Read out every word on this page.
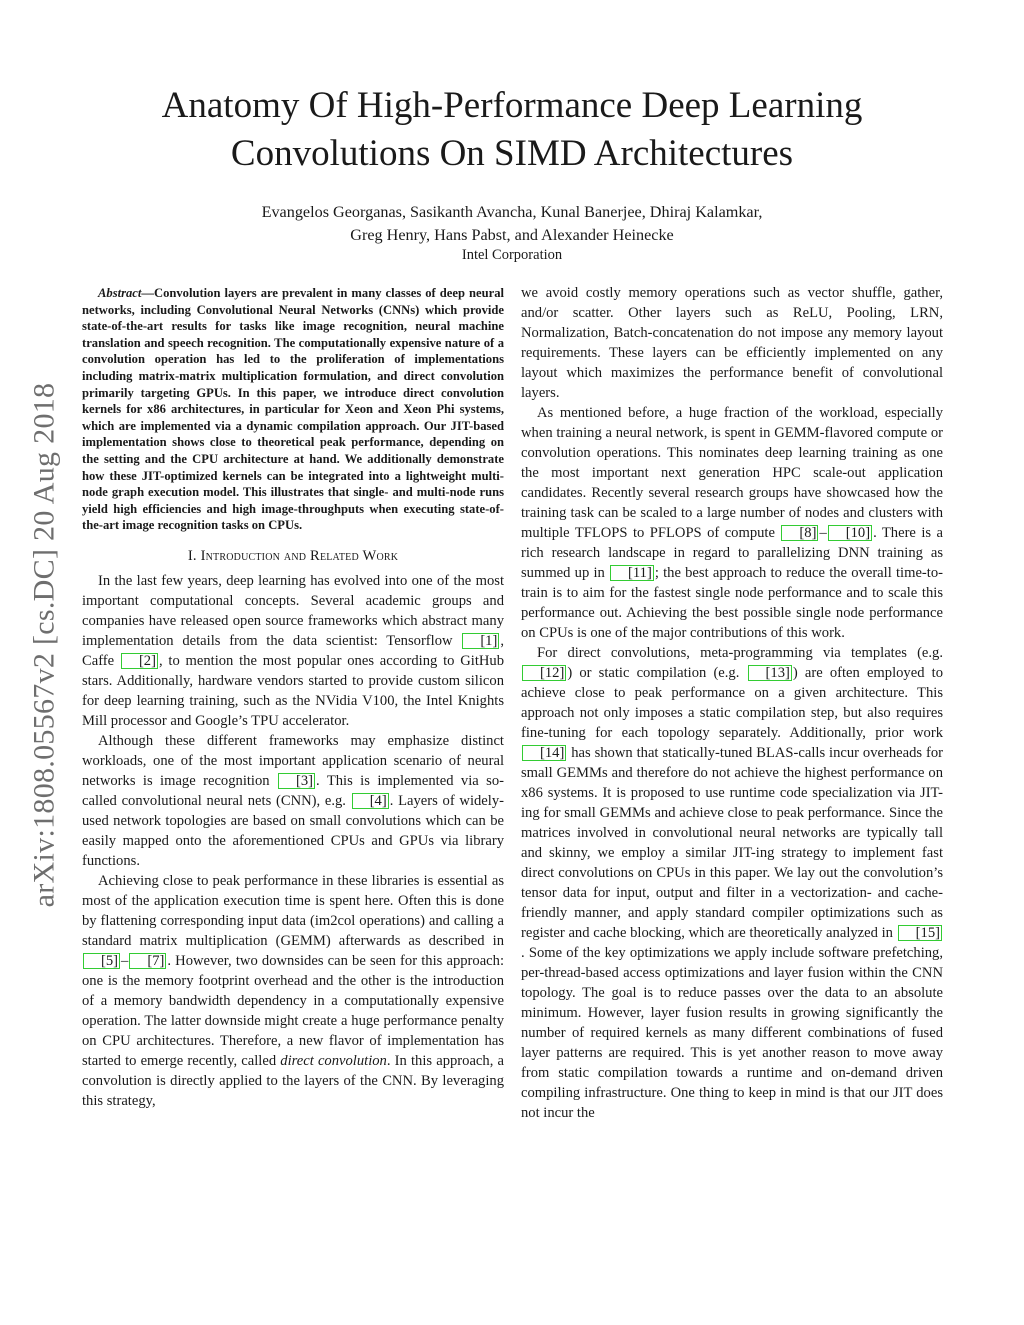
arXiv:1808.05567v2 [cs.DC] 20 Aug 2018
Anatomy Of High-Performance Deep Learning
Convolutions On SIMD Architectures
Evangelos Georganas, Sasikanth Avancha, Kunal Banerjee, Dhiraj Kalamkar,
Greg Henry, Hans Pabst, and Alexander Heinecke
Intel Corporation

Abstract—Convolution layers are prevalent in many classes of deep neural networks, including Convolutional Neural Networks (CNNs) which provide state-of-the-art results for tasks like image recognition, neural machine translation and speech recognition. The computationally expensive nature of a convolution operation has led to the proliferation of implementations including matrix-matrix multiplication formulation, and direct convolution primarily targeting GPUs. In this paper, we introduce direct convolution kernels for x86 architectures, in particular for Xeon and Xeon Phi systems, which are implemented via a dynamic compilation approach. Our JIT-based implementation shows close to theoretical peak performance, depending on the setting and the CPU architecture at hand. We additionally demonstrate how these JIT-optimized kernels can be integrated into a lightweight multi-node graph execution model. This illustrates that single- and multi-node runs yield high efficiencies and high image-throughputs when executing state-of-the-art image recognition tasks on CPUs.

I. Introduction and Related Work

In the last few years, deep learning has evolved into one of the most important computational concepts. Several academic groups and companies have released open source frameworks which abstract many implementation details from the data scientist: Tensorflow [1] , Caffe [2] , to mention the most popular ones according to GitHub stars. Additionally, hardware vendors started to provide custom silicon for deep learning training, such as the NVidia V100, the Intel Knights Mill processor and Google’s TPU accelerator.

Although these different frameworks may emphasize distinct workloads, one of the most important application scenario of neural networks is image recognition [3] . This is implemented via so-called convolutional neural nets (CNN), e.g. [4] . Layers of widely-used network topologies are based on small convolutions which can be easily mapped onto the aforementioned CPUs and GPUs via library functions.

Achieving close to peak performance in these libraries is essential as most of the application execution time is spent here. Often this is done by flattening corresponding input data (im2col operations) and calling a standard matrix multiplication (GEMM) afterwards as described in [5] – [7] . However, two downsides can be seen for this approach: one is the memory footprint overhead and the other is the introduction of a memory bandwidth dependency in a computationally expensive operation. The latter downside might create a huge performance penalty on CPU architectures. Therefore, a new flavor of implementation has started to emerge recently, called direct convolution. In this approach, a convolution is directly applied to the layers of the CNN. By leveraging this strategy,

we avoid costly memory operations such as vector shuffle, gather, and/or scatter. Other layers such as ReLU, Pooling, LRN, Normalization, Batch-concatenation do not impose any memory layout requirements. These layers can be efficiently implemented on any layout which maximizes the performance benefit of convolutional layers.

As mentioned before, a huge fraction of the workload, especially when training a neural network, is spent in GEMM-flavored compute or convolution operations. This nominates deep learning training as one the most important next generation HPC scale-out application candidates. Recently several research groups have showcased how the training task can be scaled to a large number of nodes and clusters with multiple TFLOPS to PFLOPS of compute [8] – [10] . There is a rich research landscape in regard to parallelizing DNN training as summed up in [11] ; the best approach to reduce the overall time-to-train is to aim for the fastest single node performance and to scale this performance out. Achieving the best possible single node performance on CPUs is one of the major contributions of this work.

For direct convolutions, meta-programming via templates (e.g. [12] ) or static compilation (e.g. [13] ) are often employed to achieve close to peak performance on a given architecture. This approach not only imposes a static compilation step, but also requires fine-tuning for each topology separately. Additionally, prior work [14] has shown that statically-tuned BLAS-calls incur overheads for small GEMMs and therefore do not achieve the highest performance on x86 systems. It is proposed to use runtime code specialization via JIT-ing for small GEMMs and achieve close to peak performance. Since the matrices involved in convolutional neural networks are typically tall and skinny, we employ a similar JIT-ing strategy to implement fast direct convolutions on CPUs in this paper. We lay out the convolution’s tensor data for input, output and filter in a vectorization- and cache-friendly manner, and apply standard compiler optimizations such as register and cache blocking, which are theoretically analyzed in [15]. Some of the key optimizations we apply include software prefetching, per-thread-based access optimizations and layer fusion within the CNN topology. The goal is to reduce passes over the data to an absolute minimum. However, layer fusion results in growing significantly the number of required kernels as many different combinations of fused layer patterns are required. This is yet another reason to move away from static compilation towards a runtime and on-demand driven compiling infrastructure. One thing to keep in mind is that our JIT does not incur the
